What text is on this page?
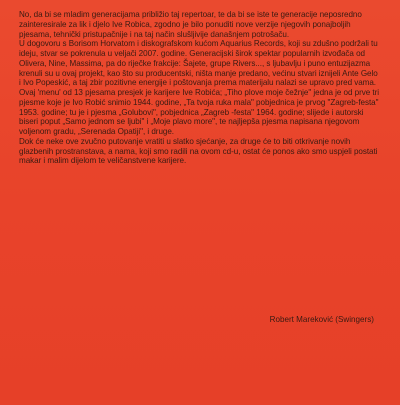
No, da bi se mladim generacijama približio taj repertoar, te da bi se iste te generacije neposredno zainteresirale za lik i djelo Ive Robica, zgodno je bilo ponuditi nove verzije njegovih ponajboljih pjesama, tehnički pristupačnije i na taj način slušljivije današnjem potrošaču.

U dogovoru s Borisom Horvatom i diskografskom kućom Aquarius Records, koji su zdušno podržali tu ideju, stvar se pokrenula u veljači 2007. godine. Generacijski širok spektar popularnih izvođača od Olivera, Nine, Massima, pa do riječke frakcije: Šajete, grupe Rivers..., s ljubavlju i puno entuzijazma krenuli su u ovaj projekt, kao što su producentski, ništa manje predano, većinu stvari iznijeli Ante Gelo i Ivo Popeskić, a taj zbir pozitivne energije i poštovanja prema materijalu nalazi se upravo pred vama. Ovaj 'menu' od 13 pjesama presjek je karijere Ive Robića; „Tiho plove moje čežnje" jedna je od prve tri pjesme koje je Ivo Robić snimio 1944. godine, „Ta tvoja ruka mala" pobjednica je prvog "Zagreb-festa" 1953. godine; tu je i pjesma „Golubovi", pobjednica „Zagreb -festa" 1964. godine; slijede i autorski biseri poput „Samo jednom se ljubi" i „Moje plavo more", te najljepša pjesma napisana njegovom voljenom gradu, „Serenada Opatiji", i druge.

Dok će neke ove zvučno putovanje vratiti u slatko sjećanje, za druge će to biti otkrivanje novih glazbenih prostranstava, a nama, koji smo radili na ovom cd-u, ostat će ponos ako smo uspjeli postati makar i malim dijelom te veličanstvene karijere.

Robert Mareković (Swingers)
